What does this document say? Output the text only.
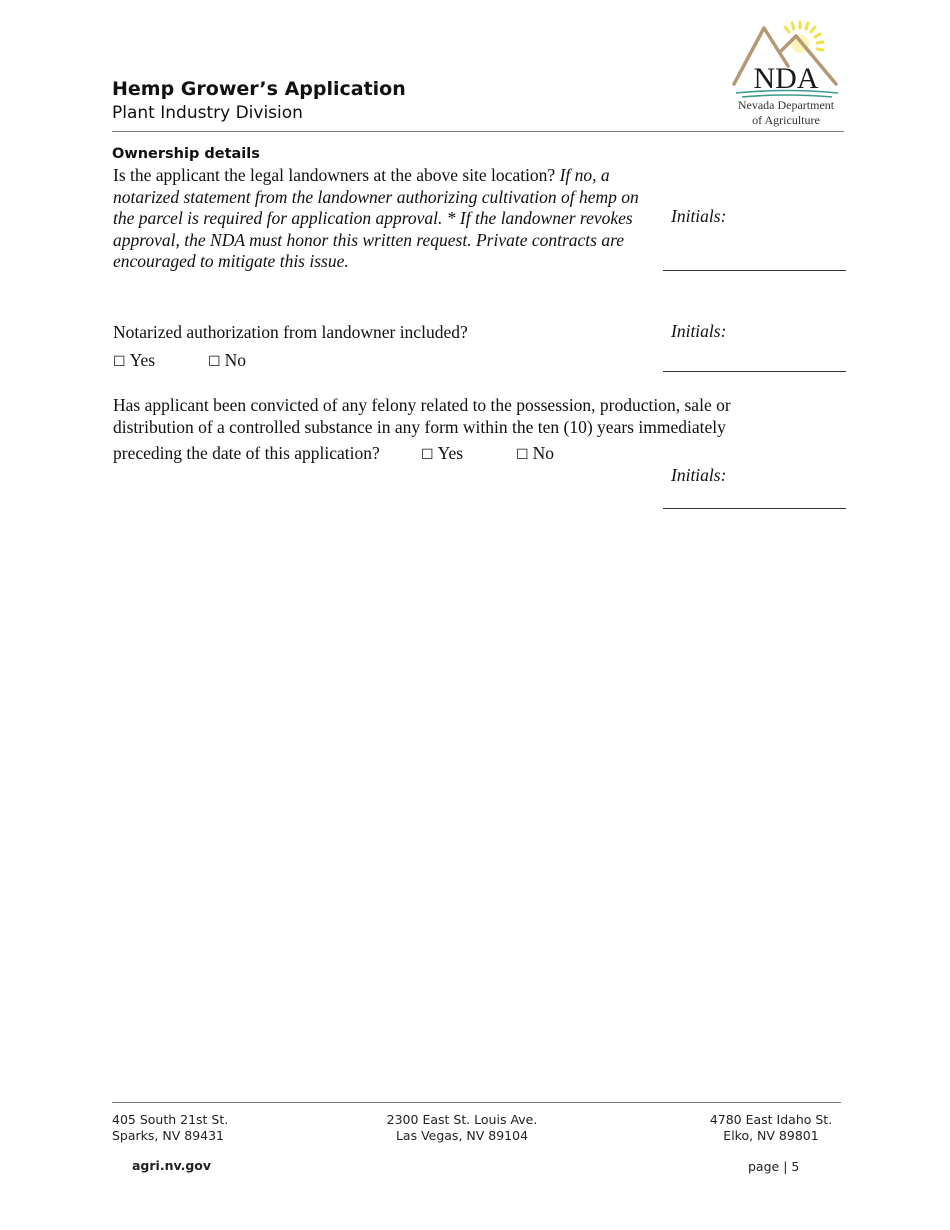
Hemp Grower’s Application
Plant Industry Division
NDA
Nevada Department
of Agriculture
Ownership details
Is the applicant the legal landowners at the above site location? If no, a notarized statement from the landowner authorizing cultivation of hemp on the parcel is required for application approval. * If the landowner revokes approval, the NDA must honor this written request. Private contracts are encouraged to mitigate this issue.
Initials:
Notarized authorization from landowner included?
☐ Yes	☐ No
Initials:
Has applicant been convicted of any felony related to the possession, production, sale or distribution of a controlled substance in any form within the ten (10) years immediately
preceding the date of this application?	☐ Yes	☐ No
Initials:
405 South 21st St.
Sparks, NV 89431
2300 East St. Louis Ave.
Las Vegas, NV 89104
4780 East Idaho St.
Elko, NV 89801
agri.nv.gov	page | 5
